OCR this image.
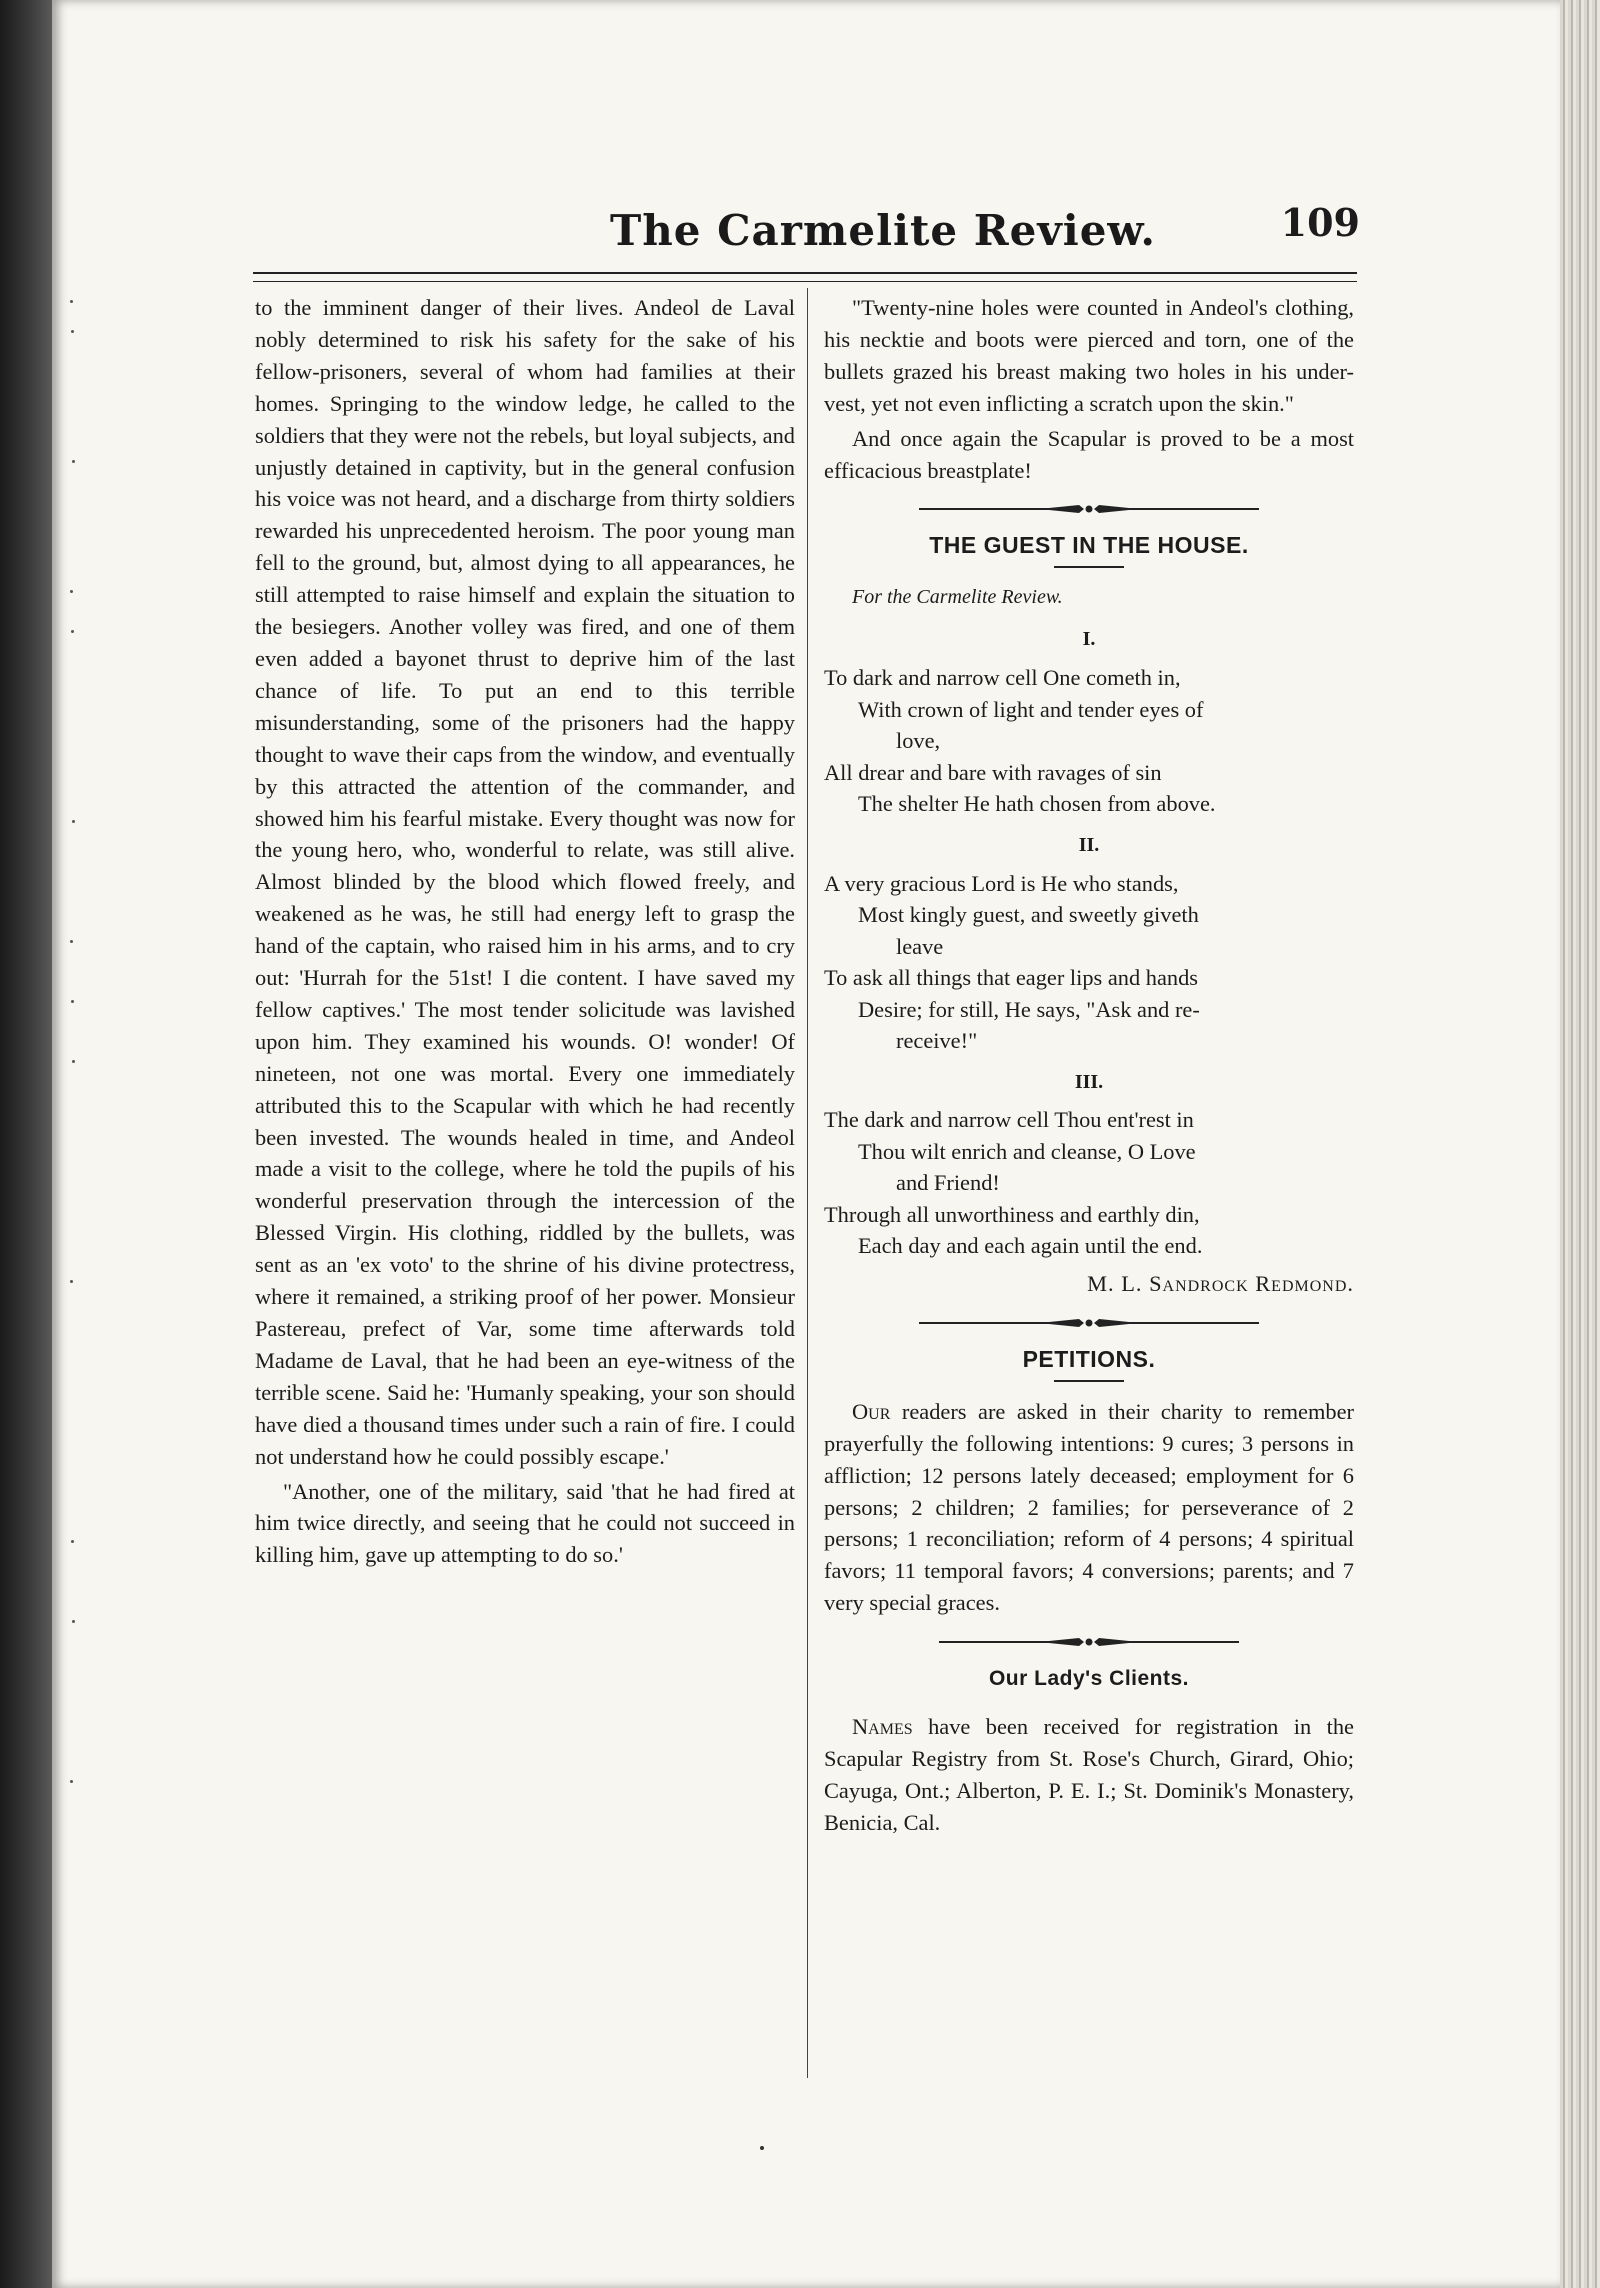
The Carmelite Review.	109

to the imminent danger of their lives. Andeol de Laval nobly determined to risk his safety for the sake of his fellow-prisoners, several of whom had families at their homes. Springing to the window ledge, he called to the soldiers that they were not the rebels, but loyal subjects, and unjustly detained in captivity, but in the general confusion his voice was not heard, and a discharge from thirty soldiers rewarded his unprecedented heroism. The poor young man fell to the ground, but, almost dying to all appearances, he still attempted to raise himself and explain the situation to the besiegers. Another volley was fired, and one of them even added a bayonet thrust to deprive him of the last chance of life. To put an end to this terrible misunderstanding, some of the prisoners had the happy thought to wave their caps from the window, and eventually by this attracted the attention of the commander, and showed him his fearful mistake. Every thought was now for the young hero, who, wonderful to relate, was still alive. Almost blinded by the blood which flowed freely, and weakened as he was, he still had energy left to grasp the hand of the captain, who raised him in his arms, and to cry out: 'Hurrah for the 51st! I die content. I have saved my fellow captives.' The most tender solicitude was lavished upon him. They examined his wounds. O! wonder! Of nineteen, not one was mortal. Every one immediately attributed this to the Scapular with which he had recently been invested. The wounds healed in time, and Andeol made a visit to the college, where he told the pupils of his wonderful preservation through the intercession of the Blessed Virgin. His clothing, riddled by the bullets, was sent as an 'ex voto' to the shrine of his divine protectress, where it remained, a striking proof of her power. Monsieur Pastereau, prefect of Var, some time afterwards told Madame de Laval, that he had been an eye-witness of the terrible scene. Said he: 'Humanly speaking, your son should have died a thousand times under such a rain of fire. I could not understand how he could possibly escape.'

"Another, one of the military, said 'that he had fired at him twice directly, and seeing that he could not succeed in killing him, gave up attempting to do so.'

"Twenty-nine holes were counted in Andeol's clothing, his necktie and boots were pierced and torn, one of the bullets grazed his breast making two holes in his under-vest, yet not even inflicting a scratch upon the skin."

And once again the Scapular is proved to be a most efficacious breastplate!

THE GUEST IN THE HOUSE.

For the Carmelite Review.

I.
To dark and narrow cell One cometh in,
With crown of light and tender eyes of
love,
All drear and bare with ravages of sin
The shelter He hath chosen from above.
II.
A very gracious Lord is He who stands,
Most kingly guest, and sweetly giveth
leave
To ask all things that eager lips and hands
Desire; for still, He says, "Ask and re-
receive!"
III.
The dark and narrow cell Thou ent'rest in
Thou wilt enrich and cleanse, O Love
and Friend!
Through all unworthiness and earthly din,
Each day and each again until the end.
M. L. Sandrock Redmond.
PETITIONS.

Our readers are asked in their charity to remember prayerfully the following intentions: 9 cures; 3 persons in affliction; 12 persons lately deceased; employment for 6 persons; 2 children; 2 families; for perseverance of 2 persons; 1 reconciliation; reform of 4 persons; 4 spiritual favors; 11 temporal favors; 4 conversions; parents; and 7 very special graces.

Our Lady's Clients.

Names have been received for registration in the Scapular Registry from St. Rose's Church, Girard, Ohio; Cayuga, Ont.; Alberton, P. E. I.; St. Dominik's Monastery, Benicia, Cal.
